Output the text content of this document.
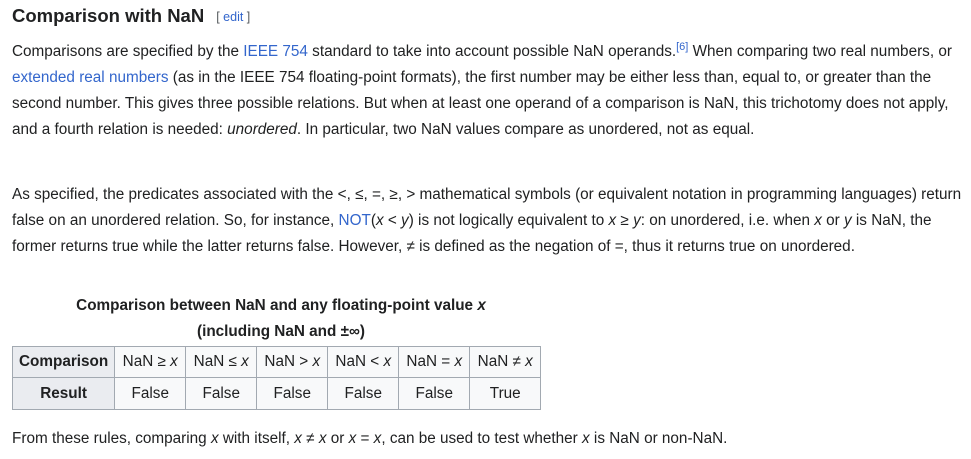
Comparison with NaN [ edit ]

Comparisons are specified by the IEEE 754 standard to take into account possible NaN operands.[6] When comparing two real numbers, or extended real numbers (as in the IEEE 754 floating-point formats), the first number may be either less than, equal to, or greater than the second number. This gives three possible relations. But when at least one operand of a comparison is NaN, this trichotomy does not apply, and a fourth relation is needed: unordered. In particular, two NaN values compare as unordered, not as equal.

As specified, the predicates associated with the <, ≤, =, ≥, > mathematical symbols (or equivalent notation in programming languages) return false on an unordered relation. So, for instance, NOT(x < y) is not logically equivalent to x ≥ y: on unordered, i.e. when x or y is NaN, the former returns true while the latter returns false. However, ≠ is defined as the negation of =, thus it returns true on unordered.

Comparison between NaN and any floating-point value x
(including NaN and ±∞)
Comparison	NaN ≥ x	NaN ≤ x	NaN > x	NaN < x	NaN = x	NaN ≠ x
Result	False	False	False	False	False	True

From these rules, comparing x with itself, x ≠ x or x = x, can be used to test whether x is NaN or non-NaN.
